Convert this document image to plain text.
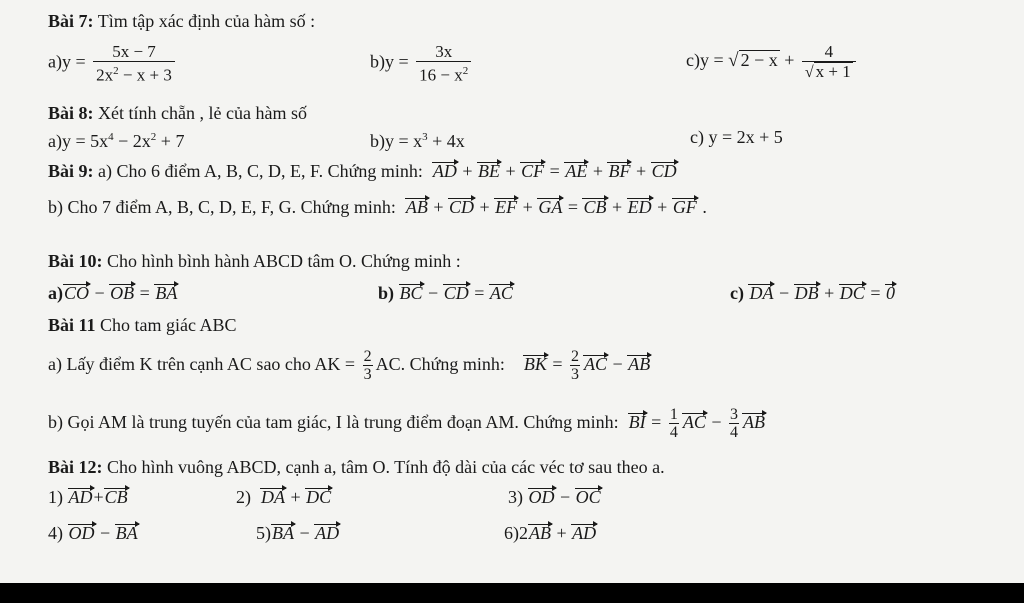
Bài 7: Tìm tập xác định của hàm số :
$a)y = \frac{5x - 7}{2x^2 - x + 3}$	$b)y = \frac{3x}{16 - x^2}$	c)y = √ $2 - x + \frac{4}{√ x + 1}$
Bài 8: Xét tính chẵn , lẻ của hàm số
$a)y = 5x^4 - 2x^2 + 7$	$b)y = x^3 + 4x$	c) y = 2x + 5
Bài 9: a) Cho 6 điểm A, B, C, D, E, F. Chứng minh: AD + BE + CF = AE + BF + CD
b) Cho 7 điểm A, B, C, D, E, F, G. Chứng minh: AB + CD + EF + GA = CB + ED + GF .
Bài 10: Cho hình bình hành ABCD tâm O. Chứng minh :
a)CO − OB = BA	b) BC − CD = AC	c) DA − DB + DC = 0
Bài 11 Cho tam giác ABC
a) Lấy điểm K trên cạnh AC sao cho AK = $\frac{2}{3}$ AC. Chứng minh: BK = $\frac{2}{3}$ AC − AB
b) Gọi AM là trung tuyến của tam giác, I là trung điểm đoạn AM. Chứng minh: BI = $\frac{1}{4}$ AC − $\frac{3}{4}$ AB
Bài 12: Cho hình vuông ABCD, cạnh a, tâm O. Tính độ dài của các véc tơ sau theo a.
1) AD+CB	2) DA + DC	3) OD − OC
4) OD − BA	5)BA − AD	6)2AB + AD
